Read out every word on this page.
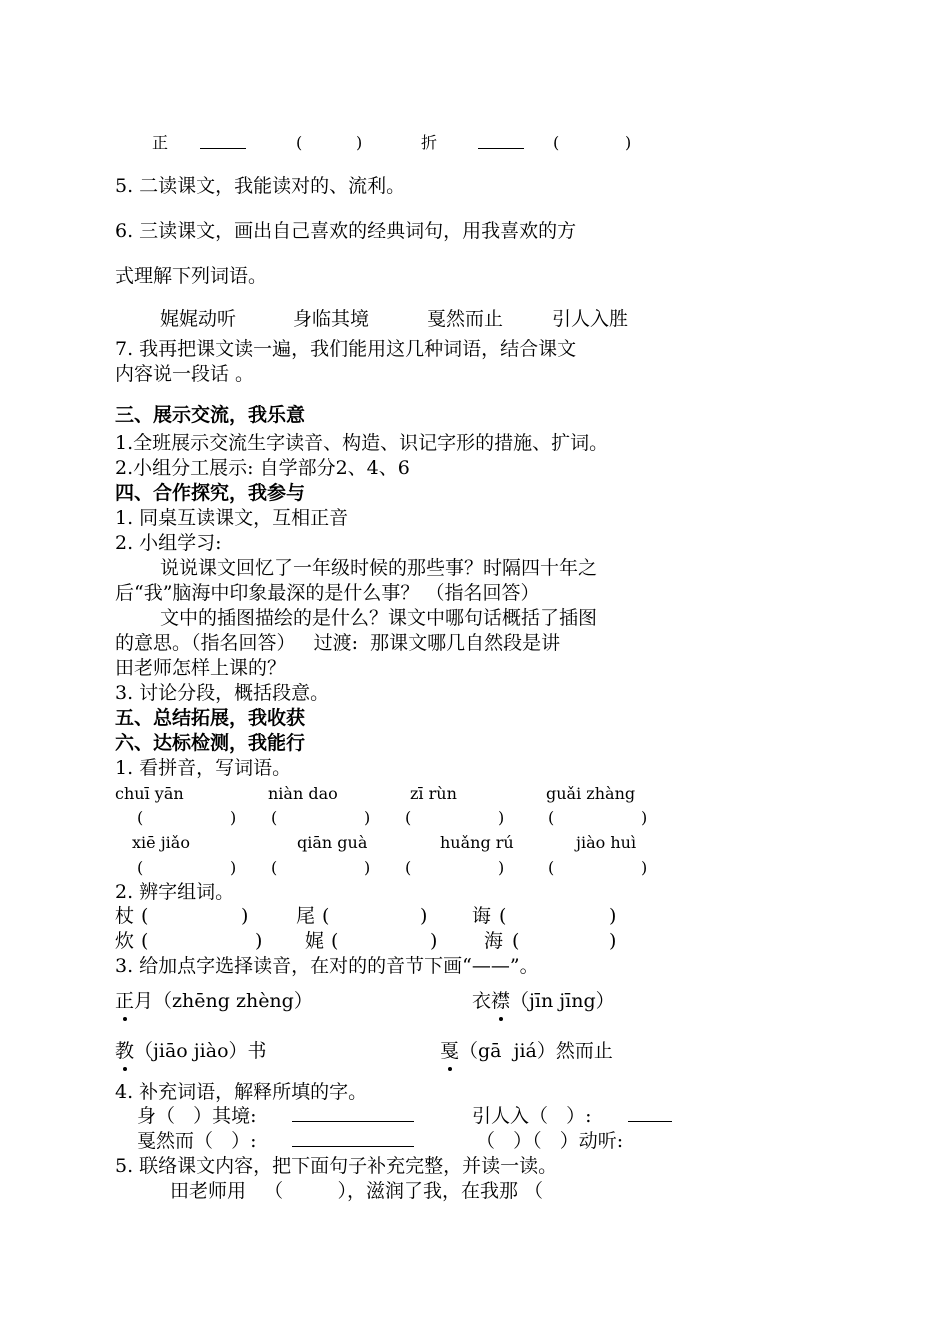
正	(	)	折	(	)
5. 二读课文，我能读对的、流利。
6. 三读课文，画出自己喜欢的经典词句，用我喜欢的方
式理解下列词语。
娓娓动听	身临其境	戛然而止	引人入胜
7. 我再把课文读一遍，我们能用这几种词语，结合课文
内容说一段话 。
三、展示交流，我乐意
1.全班展示交流生字读音、构造、识记字形的措施、扩词。
2.小组分工展示: 自学部分2、4、6
四、合作探究，我参与
1. 同桌互读课文，互相正音
2. 小组学习:
说说课文回忆了一年级时候的那些事？时隔四十年之
后“我”脑海中印象最深的是什么事？ （指名回答）
文中的插图描绘的是什么？课文中哪句话概括了插图
的意思。（指名回答）   过渡:  那课文哪几自然段是讲
田老师怎样上课的？
3. 讨论分段，概括段意。
五、总结拓展，我收获
六、达标检测，我能行
1. 看拼音，写词语。
chuī yān	niàn dao	zī rùn	guǎi zhàng
(	) (	) (	)	(	)
xiē jiǎo	qiān guà	huǎng rú	jiào huì
(	) (	) (	)	(	)
2. 辨字组词。
杖 (	)	尾 (	) 诲 (	)
炊 (	) 娓 (	) 海 (	)
3. 给加点字选择读音，在对的的音节下画“——”。
正月（zhēng zhèng）	衣襟（jīn jīng）
教（jiāo jiào）书	戛（gā  jiá）然而止
4. 补充词语，解释所填的字。
身（   ）其境:	引人入（   ）:
戛然而（   ）:	（   ）（   ）动听:
5. 联络课文内容，把下面句子补充完整，并读一读。
田老师用   （         ），滋润了我，在我那 （
